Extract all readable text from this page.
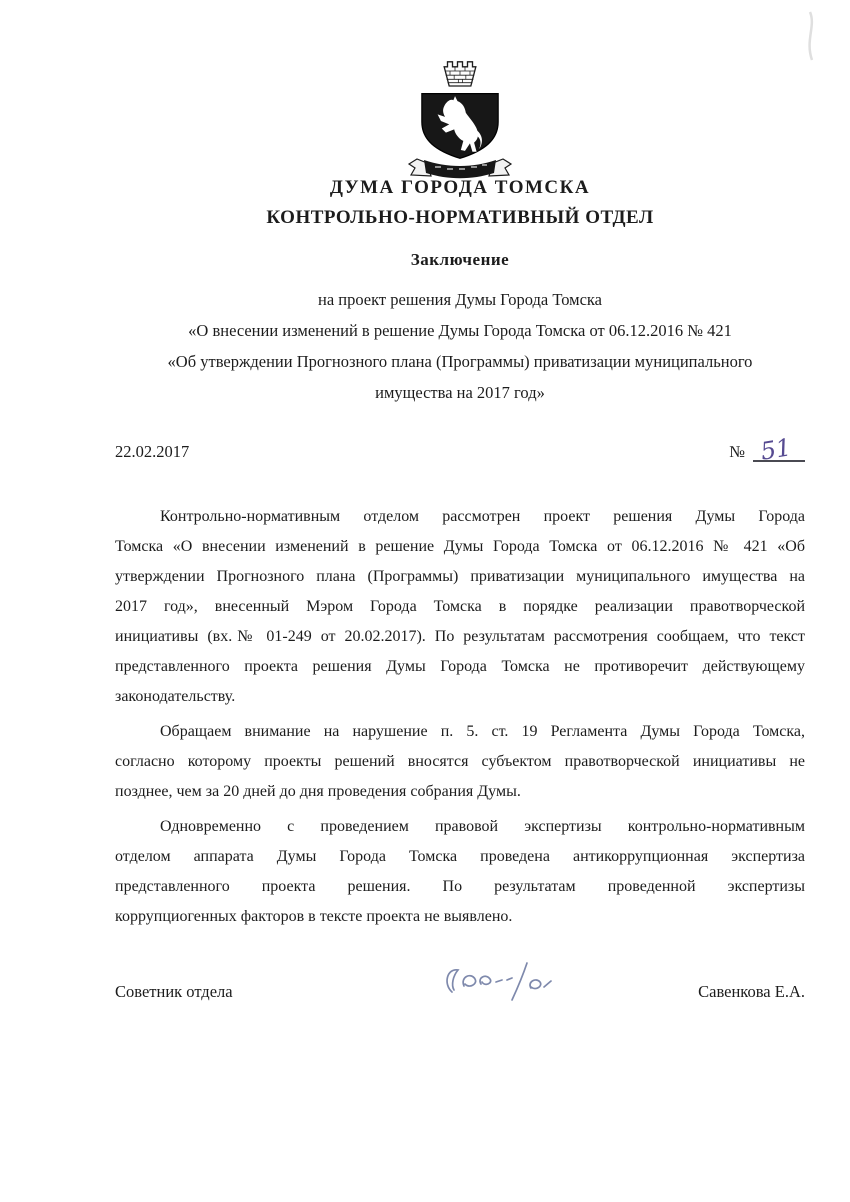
ДУМА ГОРОДА ТОМСКА
КОНТРОЛЬНО-НОРМАТИВНЫЙ ОТДЕЛ
Заключение
на проект решения Думы Города Томска
«О внесении изменений в решение Думы Города Томска от 06.12.2016 № 421
«Об утверждении Прогнозного плана (Программы) приватизации муниципального
имущества на 2017 год»
22.02.2017	№ 51
Контрольно-нормативным отделом рассмотрен проект решения Думы Города
Томска «О внесении изменений в решение Думы Города Томска от 06.12.2016 № 421 «Об
утверждении Прогнозного плана (Программы) приватизации муниципального имущества на
2017 год», внесенный Мэром Города Томска в порядке реализации правотворческой
инициативы (вх.№ 01-249 от 20.02.2017). По результатам рассмотрения сообщаем, что текст
представленного проекта решения Думы Города Томска не противоречит действующему
законодательству.
Обращаем внимание на нарушение п. 5. ст. 19 Регламента Думы Города Томска,
согласно которому проекты решений вносятся субъектом правотворческой инициативы не
позднее, чем за 20 дней до дня проведения собрания Думы.
Одновременно с проведением правовой экспертизы контрольно-нормативным
отделом аппарата Думы Города Томска проведена антикоррупционная экспертиза
представленного проекта решения. По результатам проведенной экспертизы
коррупциогенных факторов в тексте проекта не выявлено.
Советник отдела	Савенкова Е.А.
